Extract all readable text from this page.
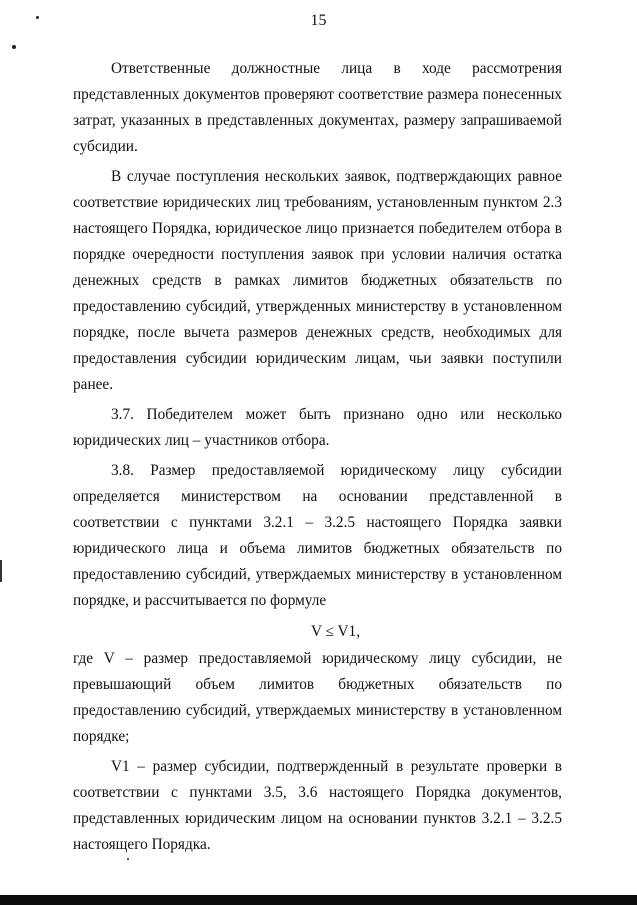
15

Ответственные должностные лица в ходе рассмотрения представленных документов проверяют соответствие размера понесенных затрат, указанных в представленных документах, размеру запрашиваемой субсидии.

В случае поступления нескольких заявок, подтверждающих равное соответствие юридических лиц требованиям, установленным пунктом 2.3 настоящего Порядка, юридическое лицо признается победителем отбора в порядке очередности поступления заявок при условии наличия остатка денежных средств в рамках лимитов бюджетных обязательств по предоставлению субсидий, утвержденных министерству в установленном порядке, после вычета размеров денежных средств, необходимых для предоставления субсидии юридическим лицам, чьи заявки поступили ранее.

3.7. Победителем может быть признано одно или несколько юридических лиц – участников отбора.

3.8. Размер предоставляемой юридическому лицу субсидии определяется министерством на основании представленной в соответствии с пунктами 3.2.1 – 3.2.5 настоящего Порядка заявки юридического лица и объема лимитов бюджетных обязательств по предоставлению субсидий, утверждаемых министерству в установленном порядке, и рассчитывается по формуле

V ≤ V1,

где V – размер предоставляемой юридическому лицу субсидии, не превышающий объем лимитов бюджетных обязательств по предоставлению субсидий, утверждаемых министерству в установленном порядке;

V1 – размер субсидии, подтвержденный в результате проверки в соответствии с пунктами 3.5, 3.6 настоящего Порядка документов, представленных юридическим лицом на основании пунктов 3.2.1 – 3.2.5 настоящего Порядка.
